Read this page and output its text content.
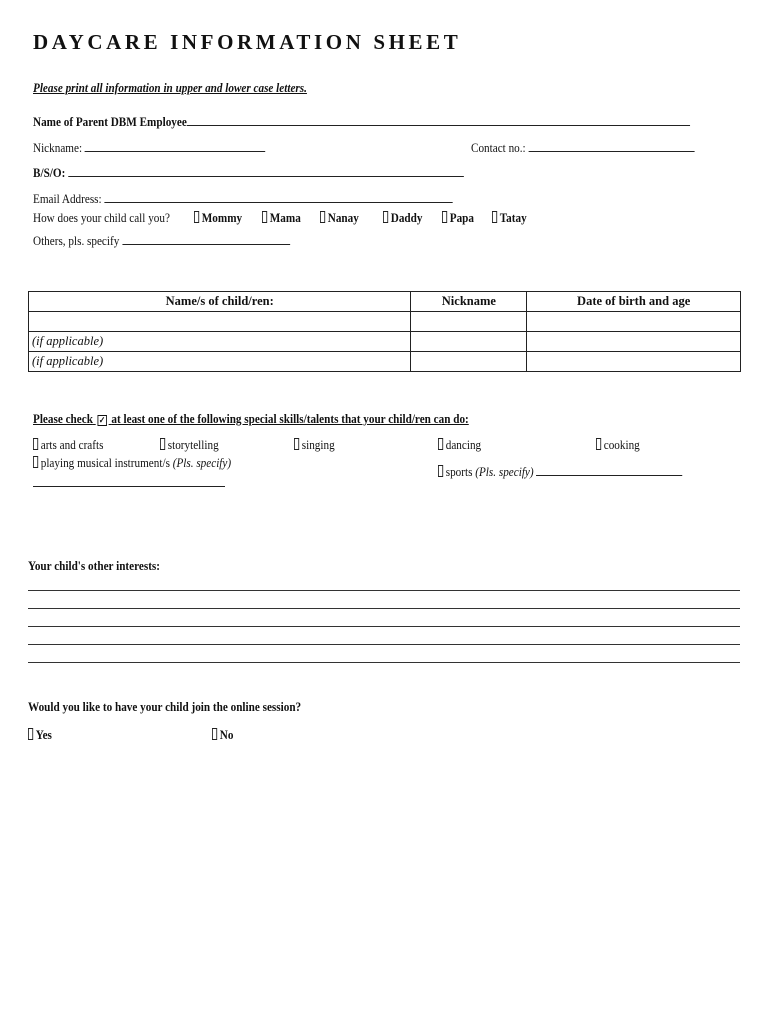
DAYCARE INFORMATION SHEET
Please print all information in upper and lower case letters.
Name of Parent DBM Employee
Nickname:	Contact no.:
B/S/O:
Email Address:
How does your child call you?	Mommy	Mama	Nanay	Daddy	Papa	Tatay
Others, pls. specify
Name/s of child/ren:	Nickname	Date of birth and age

(if applicable)		
(if applicable)		
Please check ✓ at least one of the following special skills/talents that your child/ren can do:
arts and crafts	storytelling	singing	dancing	cooking
playing musical instrument/s (Pls. specify)
sports (Pls. specify)
Your child's other interests:
Would you like to have your child join the online session?
Yes	No
